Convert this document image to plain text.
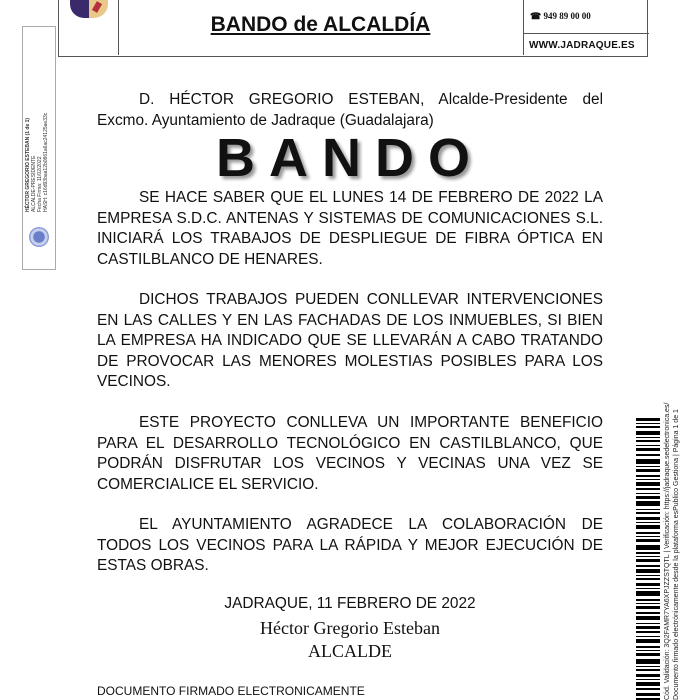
BANDO de ALCALDÍA	☎ 949 89 00 00
WWW.JADRAQUE.ES
HÉCTOR GREGORIO ESTEBAN (1 de 1) ALCALDE-PRESIDENTE Fecha Firma: 11/02/2022 HASH: c16d93baa12b0861a6ac24125ae33c

D. HÉCTOR GREGORIO ESTEBAN, Alcalde-Presidente del Excmo. Ayuntamiento de Jadraque (Guadalajara)

BANDO

SE HACE SABER QUE EL LUNES 14 DE FEBRERO DE 2022 LA EMPRESA S.D.C. ANTENAS Y SISTEMAS DE COMUNICACIONES S.L. INICIARÁ LOS TRABAJOS DE DESPLIEGUE DE FIBRA ÓPTICA EN CASTILBLANCO DE HENARES.

DICHOS TRABAJOS PUEDEN CONLLEVAR INTERVENCIONES EN LAS CALLES Y EN LAS FACHADAS DE LOS INMUEBLES, SI BIEN LA EMPRESA HA INDICADO QUE SE LLEVARÁN A CABO TRATANDO DE PROVOCAR LAS MENORES MOLESTIAS POSIBLES PARA LOS VECINOS.

ESTE PROYECTO CONLLEVA UN IMPORTANTE BENEFICIO PARA EL DESARROLLO TECNOLÓGICO EN CASTILBLANCO, QUE PODRÁN DISFRUTAR LOS VECINOS Y VECINAS UNA VEZ SE COMERCIALICE EL SERVICIO.

EL AYUNTAMIENTO AGRADECE LA COLABORACIÓN DE TODOS LOS VECINOS PARA LA RÁPIDA Y MEJOR EJECUCIÓN DE ESTAS OBRAS.

JADRAQUE, 11 FEBRERO DE 2022
Héctor Gregorio Esteban
ALCALDE
DOCUMENTO FIRMADO ELECTRONICAMENTE	Cód. Validación: 3Q2FAMR7YA6XPJZZSTQTL | Verificación: https://jadraque.sedelectronica.es/ Documento firmado electrónicamente desde la plataforma esPublico Gestiona | Página 1 de 1
